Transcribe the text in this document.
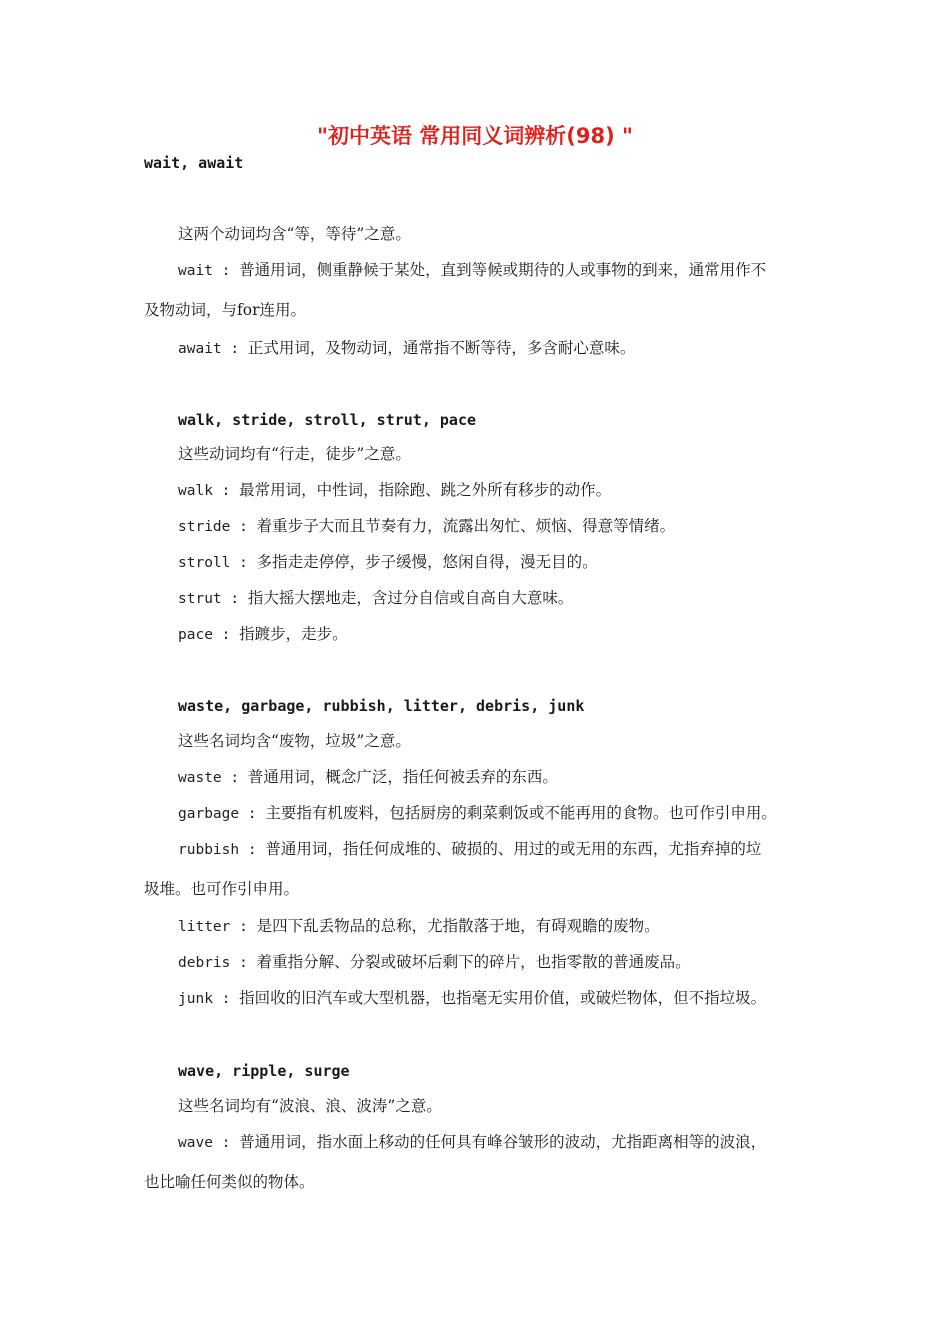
"初中英语 常用同义词辨析(98) "
wait, await
这两个动词均含“等，等待”之意。
wait : 普通用词，侧重静候于某处，直到等候或期待的人或事物的到来，通常用作不
及物动词，与for连用。
await : 正式用词，及物动词，通常指不断等待，多含耐心意味。
walk, stride, stroll, strut, pace
这些动词均有“行走，徒步”之意。
walk : 最常用词，中性词，指除跑、跳之外所有移步的动作。
stride : 着重步子大而且节奏有力，流露出匆忙、烦恼、得意等情绪。
stroll : 多指走走停停，步子缓慢，悠闲自得，漫无目的。
strut : 指大摇大摆地走，含过分自信或自高自大意味。
pace : 指踱步，走步。
waste, garbage, rubbish, litter, debris, junk
这些名词均含“废物，垃圾”之意。
waste : 普通用词，概念广泛，指任何被丢弃的东西。
garbage : 主要指有机废料，包括厨房的剩菜剩饭或不能再用的食物。也可作引申用。
rubbish : 普通用词，指任何成堆的、破损的、用过的或无用的东西，尤指弃掉的垃
圾堆。也可作引申用。
litter : 是四下乱丢物品的总称，尤指散落于地，有碍观瞻的废物。
debris : 着重指分解、分裂或破坏后剩下的碎片，也指零散的普通废品。
junk : 指回收的旧汽车或大型机器，也指毫无实用价值，或破烂物体，但不指垃圾。
wave, ripple, surge
这些名词均有“波浪、浪、波涛”之意。
wave : 普通用词，指水面上移动的任何具有峰谷皱形的波动，尤指距离相等的波浪，
也比喻任何类似的物体。
